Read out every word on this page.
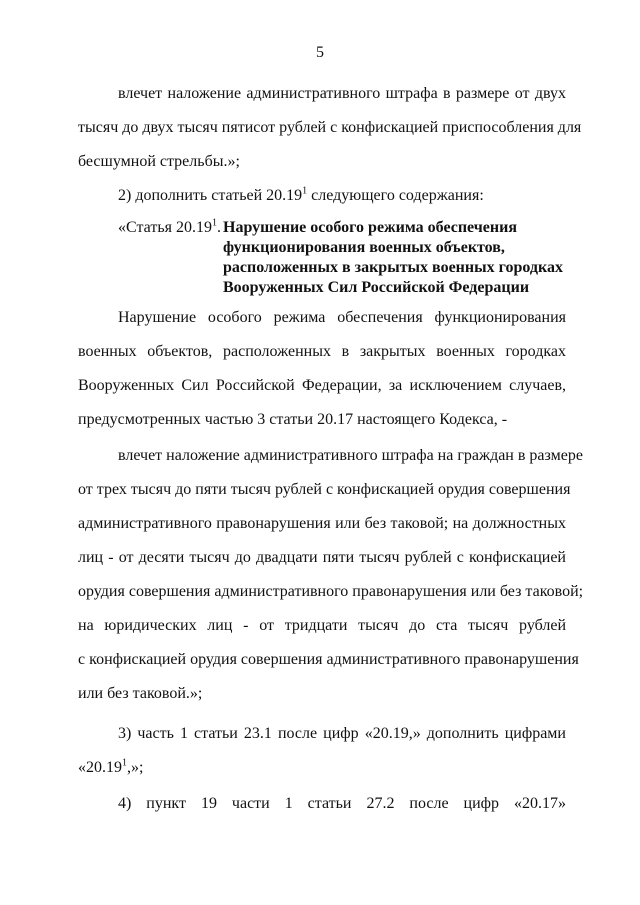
5
влечет наложение административного штрафа в размере от двух
тысяч до двух тысяч пятисот рублей с конфискацией приспособления для
бесшумной стрельбы.»;
2) дополнить статьей 20.19$^1$ следующего содержания:
«Статья 20.19$^1$. Нарушение особого режима обеспечения
функционирования военных объектов,
расположенных в закрытых военных городках
Вооруженных Сил Российской Федерации
Нарушение особого режима обеспечения функционирования
военных объектов, расположенных в закрытых военных городках
Вооруженных Сил Российской Федерации, за исключением случаев,
предусмотренных частью 3 статьи 20.17 настоящего Кодекса, -
влечет наложение административного штрафа на граждан в размере
от трех тысяч до пяти тысяч рублей с конфискацией орудия совершения
административного правонарушения или без таковой; на должностных
лиц - от десяти тысяч до двадцати пяти тысяч рублей с конфискацией
орудия совершения административного правонарушения или без таковой;
на юридических лиц - от тридцати тысяч до ста тысяч рублей
с конфискацией орудия совершения административного правонарушения
или без таковой.»;
3) часть 1 статьи 23.1 после цифр «20.19,» дополнить цифрами
«20.19$^1$,»;
4) пункт 19 части 1 статьи 27.2 после цифр «20.17»
